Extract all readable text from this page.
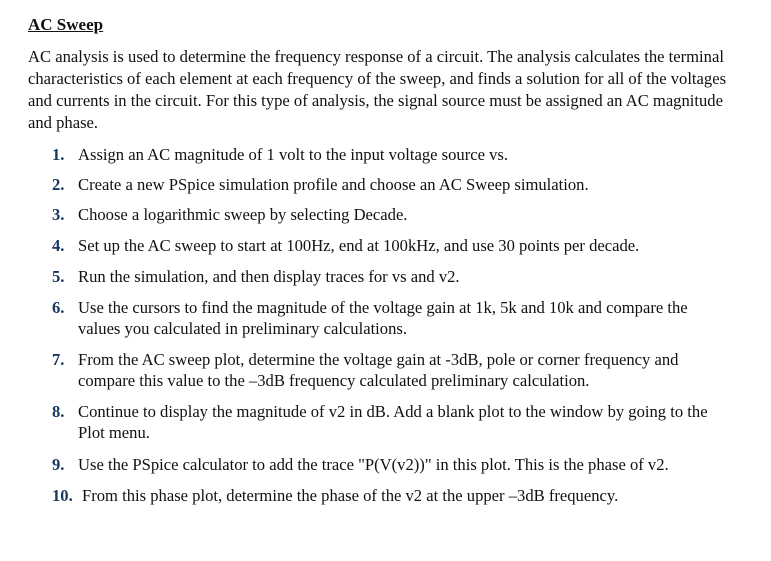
AC Sweep

AC analysis is used to determine the frequency response of a circuit. The analysis calculates the terminal characteristics of each element at each frequency of the sweep, and finds a solution for all of the voltages and currents in the circuit. For this type of analysis, the signal source must be assigned an AC magnitude and phase.

1. Assign an AC magnitude of 1 volt to the input voltage source vs.
2. Create a new PSpice simulation profile and choose an AC Sweep simulation.
3. Choose a logarithmic sweep by selecting Decade.
4. Set up the AC sweep to start at 100Hz, end at 100kHz, and use 30 points per decade.
5. Run the simulation, and then display traces for vs and v2.
6. Use the cursors to find the magnitude of the voltage gain at 1k, 5k and 10k and compare the values you calculated in preliminary calculations.
7. From the AC sweep plot, determine the voltage gain at -3dB, pole or corner frequency and compare this value to the –3dB frequency calculated preliminary calculation.
8. Continue to display the magnitude of v2 in dB. Add a blank plot to the window by going to the Plot menu.
9. Use the PSpice calculator to add the trace "P(V(v2))" in this plot. This is the phase of v2.
10. From this phase plot, determine the phase of the v2 at the upper –3dB frequency.
